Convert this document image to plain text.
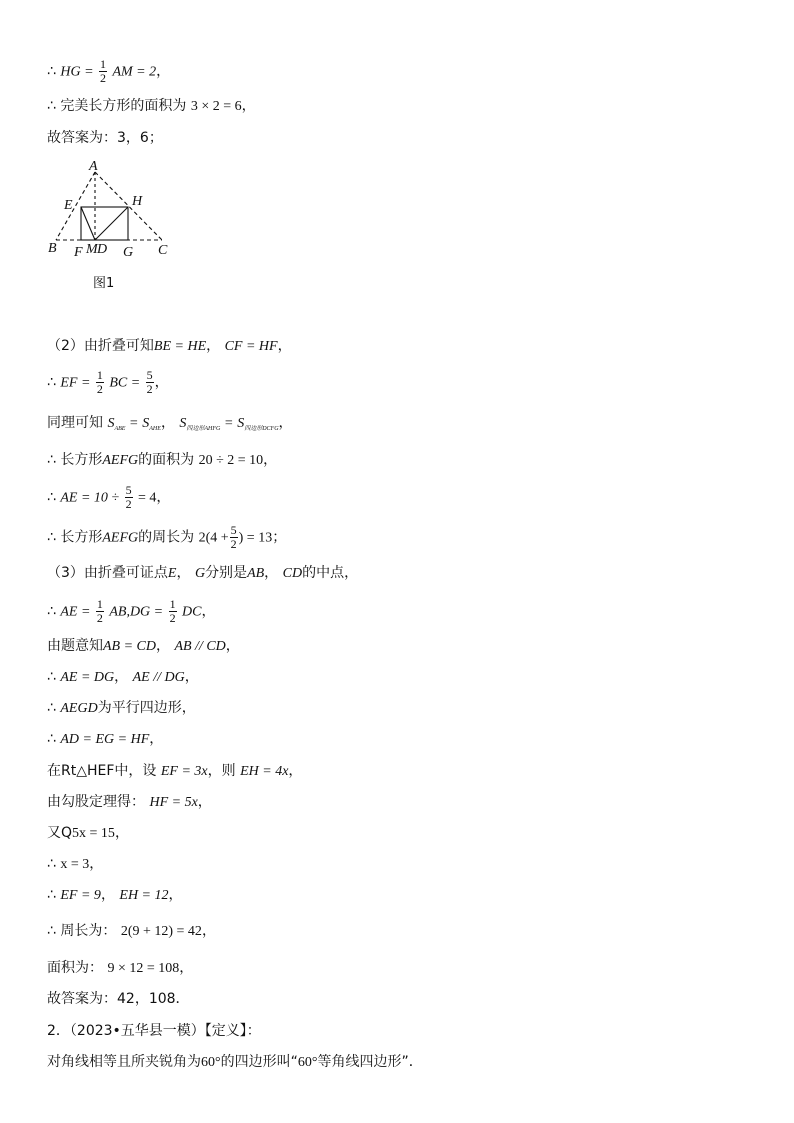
∴ HG = $\frac{1}{2}$ AM = 2，
∴ 完美长方形的面积为 3 × 2 = 6，
故答案为：3，6；
A
E	H
B F M D G C
图1
（2）由折叠可知BE = HE， CF = HF，
∴ EF = $\frac{1}{2}$ BC = $\frac{5}{2}$ ，
同理可知 $S_{ABE} = S_{AHE}$， $S_{四边形AHFG} = S_{四边形DCFG}$，
∴ 长方形AEFG的面积为 20 ÷ 2 = 10，
∴ AE = $10 \div \frac{5}{2} = 4$，
∴ 长方形AEFG的周长为 $2(4 + \frac{5}{2}$ ) = 13；
（3）由折叠可证点E， G分别是AB， CD的中点，
∴ AE = $\frac{1}{2} AB,DG = \frac{1}{2}$ DC，
由题意知AB = CD， AB // CD，
∴ AE = DG， AE // DG，
∴ AEGD为平行四边形，
∴ AD = EG = HF，
在Rt△HEF中，设 EF = 3x，则 EH = 4x，
由勾股定理得： HF = 5x，
又Q5x = 15，
∴ x = 3，
∴ EF = 9， EH = 12，
∴ 周长为： 2(9 + 12) = 42，
面积为： 9 × 12 = 108，
故答案为：42，108．
2．（2023•五华县一模）【定义】：
对角线相等且所夹锐角为60°的四边形叫“60°等角线四边形”．
